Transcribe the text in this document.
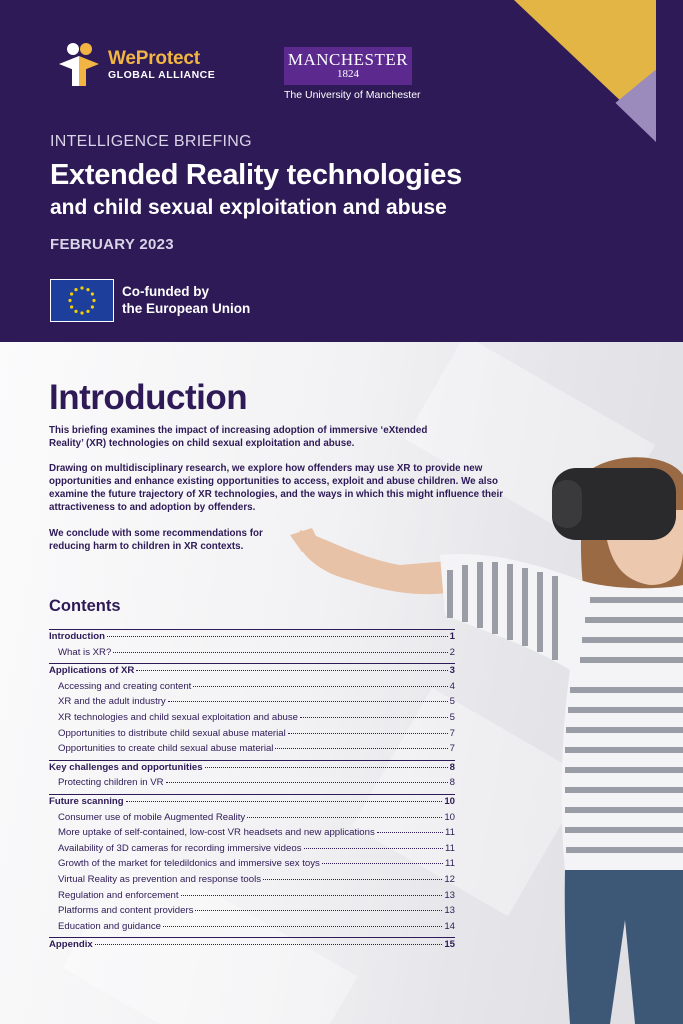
WeProtect
GLOBAL ALLIANCE
MANCHESTER
1824
The University of Manchester
INTELLIGENCE BRIEFING
Extended Reality technologies
and child sexual exploitation and abuse
FEBRUARY 2023
Co-funded by
the European Union
Introduction
This briefing examines the impact of increasing adoption of immersive ‘eXtended Reality’ (XR) technologies on child sexual exploitation and abuse.
Drawing on multidisciplinary research, we explore how offenders may use XR to provide new opportunities and enhance existing opportunities to access, exploit and abuse children. We also examine the future trajectory of XR technologies, and the ways in which this might influence their attractiveness to and adoption by offenders.
We conclude with some recommendations for reducing harm to children in XR contexts.
Contents
Introduction	1
What is XR?	2
Applications of XR	3
Accessing and creating content	4
XR and the adult industry	5
XR technologies and child sexual exploitation and abuse	5
Opportunities to distribute child sexual abuse material	7
Opportunities to create child sexual abuse material	7
Key challenges and opportunities	8
Protecting children in VR	8
Future scanning	10
Consumer use of mobile Augmented Reality	10
More uptake of self-contained, low-cost VR headsets and new applications	11
Availability of 3D cameras for recording immersive videos	11
Growth of the market for teledildonics and immersive sex toys	11
Virtual Reality as prevention and response tools	12
Regulation and enforcement	13
Platforms and content providers	13
Education and guidance	14
Appendix	15
